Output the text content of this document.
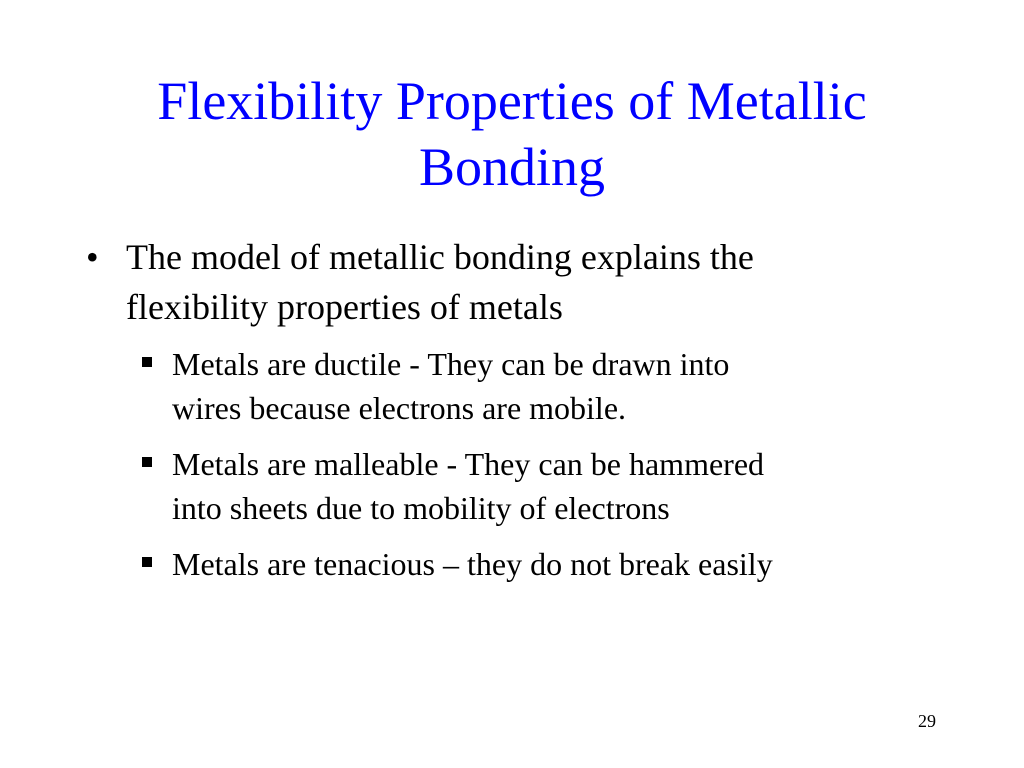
Flexibility Properties of Metallic
Bonding
• The model of metallic bonding explains the
flexibility properties of metals
Metals are ductile - They can be drawn into
wires because electrons are mobile.
Metals are malleable - They can be hammered
into sheets due to mobility of electrons
Metals are tenacious – they do not break easily
29
